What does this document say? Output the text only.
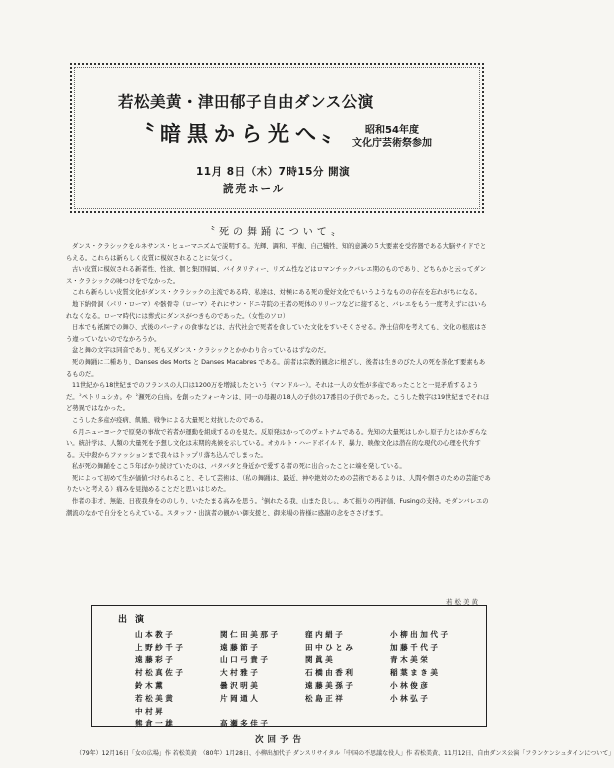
若松美黄・津田郁子自由ダンス公演
〝暗黒から光へ〟	昭和54年度
文化庁芸術祭参加
11月 8日（木）7時15分 開演
読売ホール
〝死の舞踊について〟

ダンス・クラシックをルネサンス・ヒューマニズムで説明する。光輝、調和、平衡、自己犠牲、知的意識の５大要素を受容器である大脳サイドでとらえる。これらは新らしく皮質に模奴されることに気づく。

古い皮質に模奴される新者性、性欲、個と集団帰属、バイタリティー、リズム性などはロマンチックバレエ期のものであり、どちらかと云ってダンス・クラシックの味つけをでなかった。

これら新らしい皮質文化がダンス・クラシックの主流である時、私達は、対極にある死の愛好文化でもいうようなものの存在を忘れがちになる。

地下納骨洞（パリ・ローマ）や骸骨寺（ローマ）それにサン・ドニ寺院の王者の死体のリリーフなどに接すると、バレエをもう一度考えずにはいられなくなる。ローマ時代には葬式にダンスがつきものであった。（女性のソロ）

日本でも祇園での舞ひ、式後のパーティの食事などは、古代社会で死者を食していた文化をすいそくさせる。浄土信仰を考えても、文化の根底はさう違っていないのでなかろうか。

盆と舞の文字は同音であり、死も又ダンス・クラシックとかかわり合っているはずなのだ。

死の舞踊に二種あり、Danses des Morts と Danses Macabres である。前者は宗教的観念に根ざし、後者は生きのびた人の死を茶化す要素もあるものだ。

11世紀から18世紀までのフランスの人口は1200万を増減したという（マンドルー）。それは一人の女性が多産であったことと一見矛盾するようだ。〝ペトリュシカ〟や〝瀕死の白鳥〟を創ったフォーキンは、同一の母親の18人の子供の17番目の子供であった。こうした数字は19世紀までそれほど勢異ではなかった。

こうした多産が疫病、飢餓、戦争による大量死と対抗したのである。

６月ニューヨークで原発の事故で若者が運動を組成するのを見た。反原発はかってのヴェトナムである。先知の大量死はしかし原子力とはかぎらない。統計学は、人類の大量死を予想し文化は末期的兆候を示している。オカルト・ハードボイルド、暴力、映像文化は潜在的な現代の心理を代弁する。天中殺からファッションまで我々はトップリ落ち込んでしまった。

私が死の舞踊をここ５年ばかり続けていたのは、バタバタと身近かで愛する者の死に出合ったことに端を発している。

死によって初めて生が価値づけられること、そして芸術は、（私の舞踊は、最近、神や絶対のための芸術であるよりは、人間や個さのための芸能でありたいと考える）痛みを見抛めることだと思いはじめた。

作者の非才、無能、日夜我身をののしり、いたたまる高みを思う。〝倒れたる我、山また良し〟、あて振りの再評価、Fusingの支持。モダンバレエの潮流のなかで自分をとらえている。スタッフ・出演者の観かい御支援と、御来場の皆様に感謝の念をささげます。

若松美黄
出演
山本教子	関仁田美那子	窪内絹子	小柳出加代子
上野紗千子	遠藤節子	田中ひとみ	加藤千代子
遠藤彩子	山口弓貴子	関眞美	青木美栄
村松真佐子	大村雅子	石橋由香利	稲葉まき美
鈴木薫	曇沢明美	遠藤美孫子	小林俊彦
若松美黄	片岡通人	松島正祥	小林弘子
中村昇
熊倉一雄	高瀬多佳子
次回予告
（79年）12月16日「女の広場」作 若松美黄　（80年）1月28日、小柳出加代子 ダンスリサイタル「中国の不思議な役人」作 若松美黄、11月12日、自由ダンス公演「フランケンシュタインについて」
